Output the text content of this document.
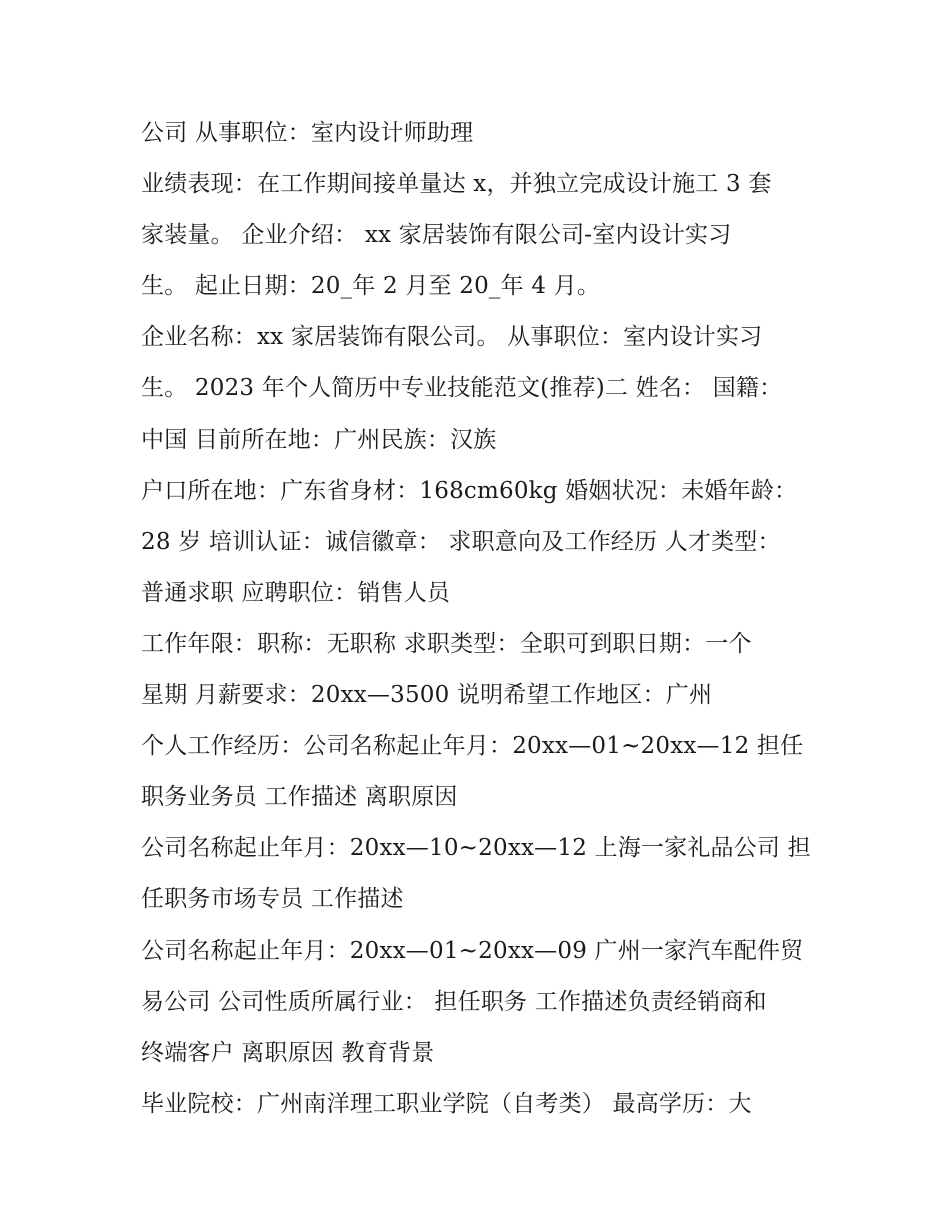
公司 从事职位：室内设计师助理
业绩表现：在工作期间接单量达 x，并独立完成设计施工 3 套
家装量。 企业介绍： xx 家居装饰有限公司-室内设计实习
生。 起止日期：20_年 2 月至 20_年 4 月。
企业名称：xx 家居装饰有限公司。 从事职位：室内设计实习
生。 2023 年个人简历中专业技能范文(推荐)二 姓名： 国籍：
中国 目前所在地：广州民族：汉族
户口所在地：广东省身材：168cm60kg 婚姻状况：未婚年龄：
28 岁 培训认证：诚信徽章： 求职意向及工作经历 人才类型：
普通求职 应聘职位：销售人员
工作年限：职称：无职称 求职类型：全职可到职日期：一个
星期 月薪要求：20xx—3500 说明希望工作地区：广州
个人工作经历：公司名称起止年月：20xx—01~20xx—12 担任
职务业务员 工作描述 离职原因
公司名称起止年月：20xx—10~20xx—12 上海一家礼品公司 担
任职务市场专员 工作描述
公司名称起止年月：20xx—01~20xx—09 广州一家汽车配件贸
易公司 公司性质所属行业： 担任职务 工作描述负责经销商和
终端客户 离职原因 教育背景
毕业院校：广州南洋理工职业学院（自考类） 最高学历：大
